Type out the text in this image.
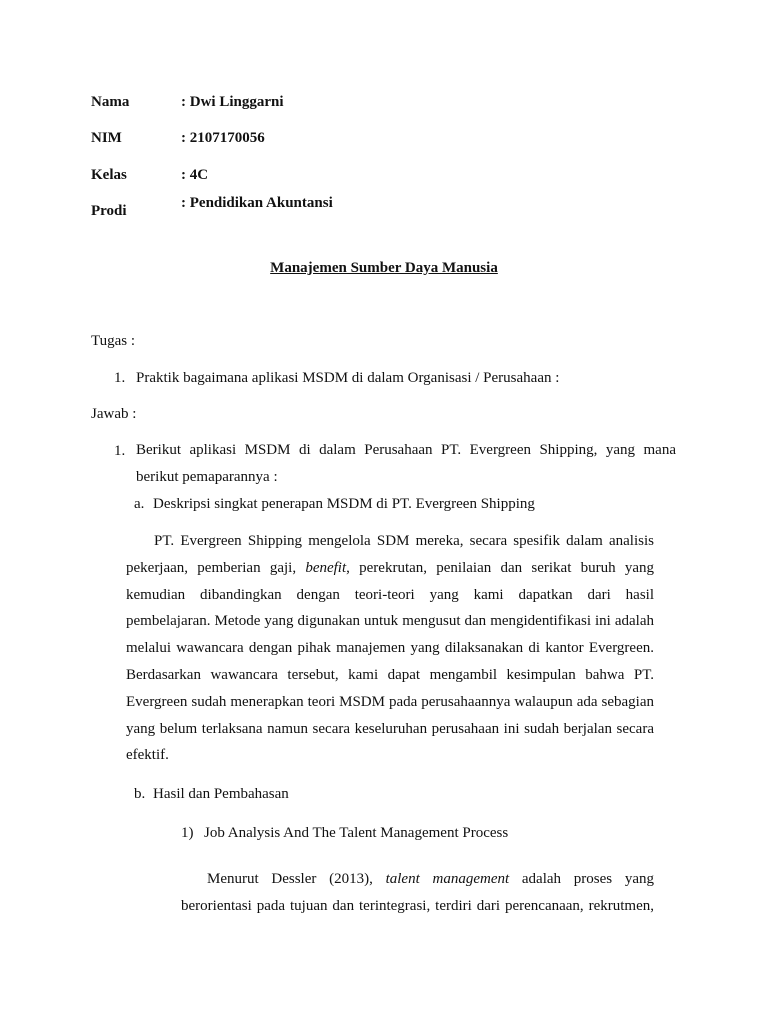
Nama	: Dwi Linggarni
NIM	: 2107170056
Kelas	: 4C
Prodi	: Pendidikan Akuntansi
Manajemen Sumber Daya Manusia
Tugas :
1. Praktik bagaimana aplikasi MSDM di dalam Organisasi / Perusahaan :
Jawab :
1. Berikut aplikasi MSDM di dalam Perusahaan PT. Evergreen Shipping, yang mana
berikut pemaparannya :
a. Deskripsi singkat penerapan MSDM di PT. Evergreen Shipping
PT. Evergreen Shipping mengelola SDM mereka, secara spesifik dalam analisis
pekerjaan, pemberian gaji, benefit, perekrutan, penilaian dan serikat buruh yang
kemudian dibandingkan dengan teori-teori yang kami dapatkan dari hasil
pembelajaran. Metode yang digunakan untuk mengusut dan mengidentifikasi ini adalah
melalui wawancara dengan pihak manajemen yang dilaksanakan di kantor Evergreen.
Berdasarkan wawancara tersebut, kami dapat mengambil kesimpulan bahwa PT.
Evergreen sudah menerapkan teori MSDM pada perusahaannya walaupun ada sebagian
yang belum terlaksana namun secara keseluruhan perusahaan ini sudah berjalan secara
efektif.
b. Hasil dan Pembahasan
1) Job Analysis And The Talent Management Process
Menurut Dessler (2013), talent management adalah proses yang
berorientasi pada tujuan dan terintegrasi, terdiri dari perencanaan, rekrutmen,
